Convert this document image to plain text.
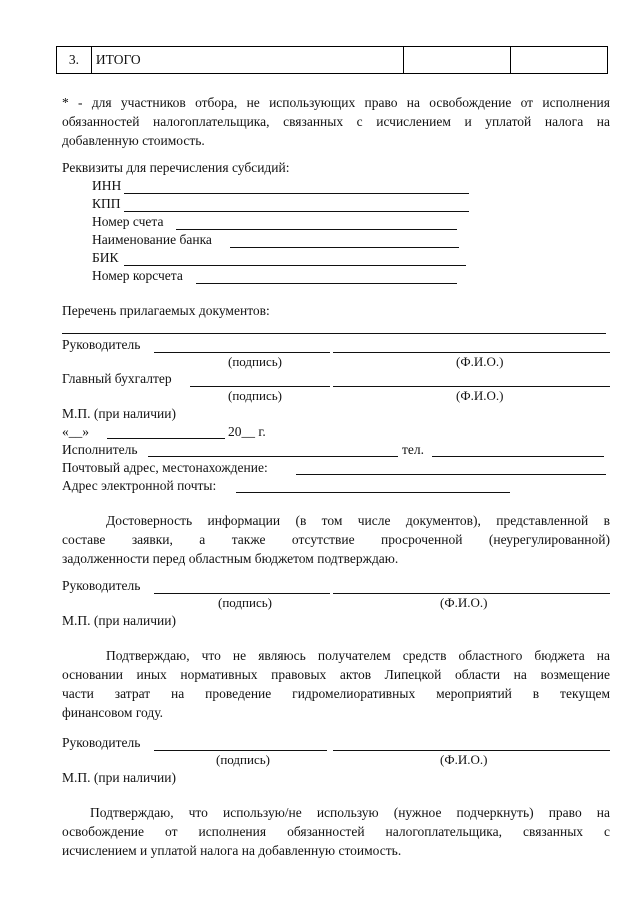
3. ИТОГО
* - для участников отбора, не использующих право на освобождение от исполнения
обязанностей налогоплательщика, связанных с исчислением и уплатой налога на
добавленную стоимость.
Реквизиты для перечисления субсидий:
ИНН
КПП
Номер счета
Наименование банка
БИК
Номер корсчета
Перечень прилагаемых документов:
Руководитель
(подпись)	(Ф.И.О.)
Главный бухгалтер
(подпись)	(Ф.И.О.)
М.П. (при наличии)
«__»	20__ г.
Исполнитель	тел.
Почтовый адрес, местонахождение:
Адрес электронной почты:
Достоверность информации (в том числе документов), представленной в
составе заявки, а также отсутствие просроченной (неурегулированной)
задолженности перед областным бюджетом подтверждаю.
Руководитель
(подпись)	(Ф.И.О.)
М.П. (при наличии)
Подтверждаю, что не являюсь получателем средств областного бюджета на
основании иных нормативных правовых актов Липецкой области на возмещение
части затрат на проведение гидромелиоративных мероприятий в текущем
финансовом году.
Руководитель
(подпись)	(Ф.И.О.)
М.П. (при наличии)
Подтверждаю, что использую/не использую (нужное подчеркнуть) право на
освобождение от исполнения обязанностей налогоплательщика, связанных с
исчислением и уплатой налога на добавленную стоимость.
